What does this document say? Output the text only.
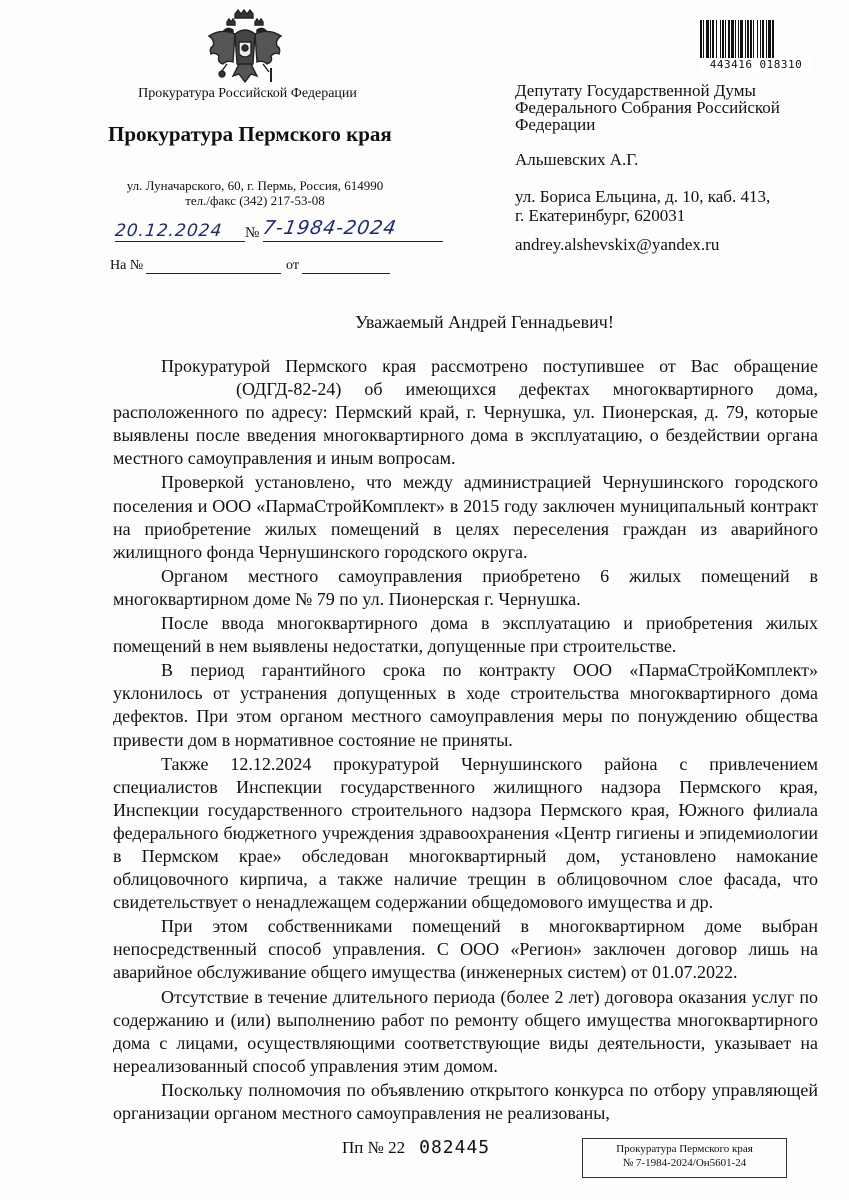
Прокуратура Российской Федерации
Прокуратура Пермского края
ул. Луначарского, 60, г. Пермь, Россия, 614990
тел./факс (342) 217-53-08
20.12.2024 № 7-1984-2024
На №	от
443416 018310
Депутату Государственной Думы
Федерального Собрания Российской
Федерации
Альшевских А.Г.
ул. Бориса Ельцина, д. 10, каб. 413,
г. Екатеринбург, 620031
andrey.alshevskix@yandex.ru
Уважаемый Андрей Геннадьевич!

Прокуратурой Пермского края рассмотрено поступившее от Вас обращение  (ОДГД-82-24) об имеющихся дефектах многоквартирного дома, расположенного по адресу: Пермский край, г. Чернушка, ул. Пионерская, д. 79, которые выявлены после введения многоквартирного дома в эксплуатацию, о бездействии органа местного самоуправления и иным вопросам.

Проверкой установлено, что между администрацией Чернушинского городского поселения и ООО «ПармаСтройКомплект» в 2015 году заключен муниципальный контракт на приобретение жилых помещений в целях переселения граждан из аварийного жилищного фонда Чернушинского городского округа.

Органом местного самоуправления приобретено 6 жилых помещений в многоквартирном доме № 79 по ул. Пионерская г. Чернушка.

После ввода многоквартирного дома в эксплуатацию и приобретения жилых помещений в нем выявлены недостатки, допущенные при строительстве.

В период гарантийного срока по контракту ООО «ПармаСтройКомплект» уклонилось от устранения допущенных в ходе строительства многоквартирного дома дефектов. При этом органом местного самоуправления меры по понуждению общества привести дом в нормативное состояние не приняты.

Также 12.12.2024 прокуратурой Чернушинского района с привлечением специалистов Инспекции государственного жилищного надзора Пермского края, Инспекции государственного строительного надзора Пермского края, Южного филиала федерального бюджетного учреждения здравоохранения «Центр гигиены и эпидемиологии в Пермском крае» обследован многоквартирный дом, установлено намокание облицовочного кирпича, а также наличие трещин в облицовочном слое фасада, что свидетельствует о ненадлежащем содержании общедомового имущества и др.

При этом собственниками помещений в многоквартирном доме выбран непосредственный способ управления. С ООО «Регион» заключен договор лишь на аварийное обслуживание общего имущества (инженерных систем) от 01.07.2022.

Отсутствие в течение длительного периода (более 2 лет) договора оказания услуг по содержанию и (или) выполнению работ по ремонту общего имущества многоквартирного дома с лицами, осуществляющими соответствующие виды деятельности, указывает на нереализованный способ управления этим домом.

Поскольку полномочия по объявлению открытого конкурса по отбору управляющей организации органом местного самоуправления не реализованы,

Пп № 22 082445	Прокуратура Пермского края
№ 7-1984-2024/Он5601-24
